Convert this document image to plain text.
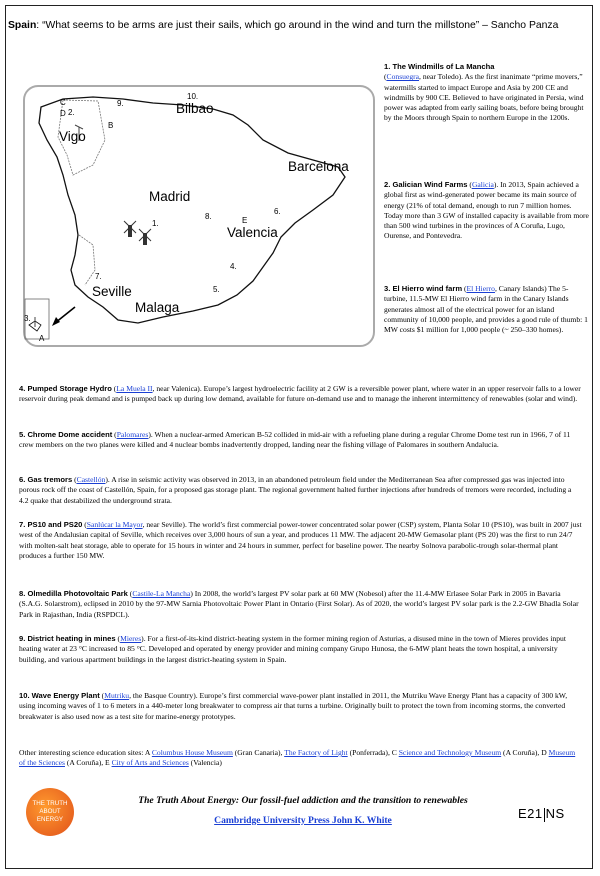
Spain: “What seems to be arms are just their sails, which go around in the wind and turn the millstone” – Sancho Panza
Bilbao
Vigo
Barcelona
Madrid
Valencia
Seville
Malaga
1.
2.
3.
4.
5.
6.
7.
8.
9.
10.
A
B
C
D
E
1. The Windmills of La Mancha
(Consuegra, near Toledo). As the first inanimate “prime movers,” watermills started to impact Europe and Asia by 200 CE and windmills by 900 CE. Believed to have originated in Persia, wind power was adapted from early sailing boats, before being brought by the Moors through Spain to northern Europe in the 1200s.
2. Galician Wind Farms (Galicia). In 2013, Spain achieved a global first as wind-generated power became its main source of energy (21% of total demand, enough to run 7 million homes. Today more than 3 GW of installed capacity is available from more than 500 wind turbines in the provinces of A Coruña, Lugo, Ourense, and Pontevedra.
3. El Hierro wind farm (El Hierro, Canary Islands) The 5-turbine, 11.5-MW El Hierro wind farm in the Canary Islands generates almost all of the electrical power for an island community of 10,000 people, and provides a good rule of thumb: 1 MW costs $1 million for 1,000 people (~ 250–330 homes).
4. Pumped Storage Hydro (La Muela II, near Valenica). Europe’s largest hydroelectric facility at 2 GW is a reversible power plant, where water in an upper reservoir falls to a lower reservoir during peak demand and is pumped back up during low demand, available for future on-demand use and to manage the inherent intermittency of renewables (solar and wind).
5. Chrome Dome accident (Palomares). When a nuclear-armed American B-52 collided in mid-air with a refueling plane during a regular Chrome Dome test run in 1966, 7 of 11 crew members on the two planes were killed and 4 nuclear bombs inadvertently dropped, landing near the fishing village of Palomares in southern Andalucia.
6. Gas tremors (Castellón). A rise in seismic activity was observed in 2013, in an abandoned petroleum field under the Mediterranean Sea after compressed gas was injected into porous rock off the coast of Castellón, Spain, for a proposed gas storage plant. The regional government halted further injections after hundreds of tremors were recorded, including a 4.2 quake that destabilized the underground strata.
7. PS10 and PS20 (Sanlúcar la Mayor, near Seville). The world’s first commercial power-tower concentrated solar power (CSP) system, Planta Solar 10 (PS10), was built in 2007 just west of the Andalusian capital of Seville, which receives over 3,000 hours of sun a year, and produces 11 MW. The adjacent 20-MW Gemasolar plant (PS 20) was the first to run 24/7 with molten-salt heat storage, able to operate for 15 hours in winter and 24 hours in summer, perfect for baseline power. The nearby Solnova parabolic-trough solar-thermal plant produces a further 150 MW.
8. Olmedilla Photovoltaic Park (Castile-La Mancha) In 2008, the world’s largest PV solar park at 60 MW (Nobesol) after the 11.4-MW Erlasee Solar Park in 2005 in Bavaria (S.A.G. Solarstrom), eclipsed in 2010 by the 97-MW Sarnia Photovoltaic Power Plant in Ontario (First Solar). As of 2020, the world’s largest PV solar park is the 2.2-GW Bhadla Solar Park in Rajasthan, India (RSPDCL).
9. District heating in mines (Mieres). For a first-of-its-kind district-heating system in the former mining region of Asturias, a disused mine in the town of Mieres provides input heating water at 23 °C increased to 85 °C. Developed and operated by energy provider and mining company Grupo Hunosa, the 6-MW plant heats the town hospital, a university building, and various apartment buildings in the largest district-heating system in Spain.
10. Wave Energy Plant (Mutriku, the Basque Country). Europe’s first commercial wave-power plant installed in 2011, the Mutriku Wave Energy Plant has a capacity of 300 kW, using incoming waves of 1 to 6 meters in a 440-meter long breakwater to compress air that turns a turbine. Originally built to protect the town from incoming storms, the converted breakwater is also used now as a test site for marine-energy prototypes.
Other interesting science education sites: A Columbus House Museum (Gran Canaria), The Factory of Light (Ponferrada), C Science and Technology Museum (A Coruña), D Museum of the Sciences (A Coruña), E City of Arts and Sciences (Valencia)
THE TRUTH
ABOUT
ENERGY
The Truth About Energy: Our fossil-fuel addiction and the transition to renewables
Cambridge University Press John K. White	E21 NS
